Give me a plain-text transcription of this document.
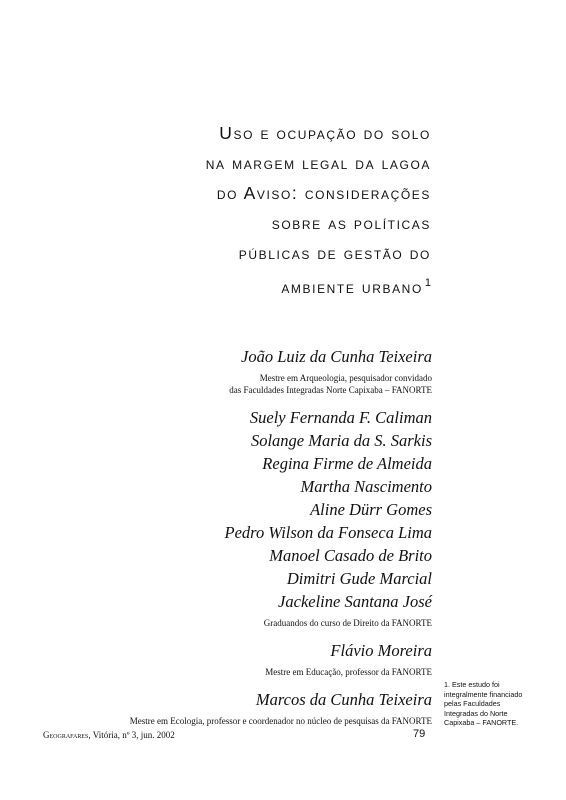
Uso e ocupação do solo
na margem legal da lagoa
do Aviso: considerações
sobre as políticas
públicas de gestão do
ambiente urbano $^1$
João Luiz da Cunha Teixeira
Mestre em Arqueologia, pesquisador convidado
das Faculdades Integradas Norte Capixaba – FANORTE
Suely Fernanda F. Caliman
Solange Maria da S. Sarkis
Regina Firme de Almeida
Martha Nascimento
Aline Dürr Gomes
Pedro Wilson da Fonseca Lima
Manoel Casado de Brito
Dimitri Gude Marcial
Jackeline Santana José
Graduandos do curso de Direito da FANORTE
Flávio Moreira
Mestre em Educação, professor da FANORTE
Marcos da Cunha Teixeira
Mestre em Ecologia, professor e coordenador no núcleo de pesquisas da FANORTE
1. Este estudo foi
integralmente financiado
pelas Faculdades
Integradas do Norte
Capixaba – FANORTE.
Geografares, Vitória, nº 3, jun. 2002	79
